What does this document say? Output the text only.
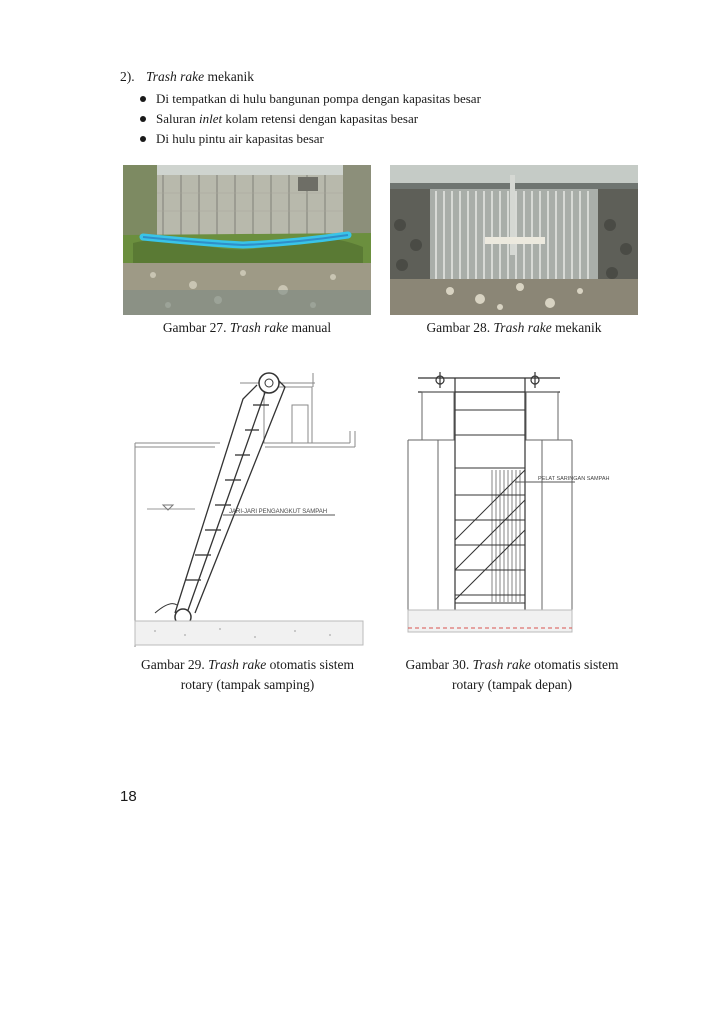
2). Trash rake mekanik
Di tempatkan di hulu bangunan pompa dengan kapasitas besar
Saluran inlet kolam retensi dengan kapasitas besar
Di hulu pintu air kapasitas besar
Gambar 27. Trash rake manual	Gambar 28. Trash rake mekanik
JARI-JARI PENGANGKUT SAMPAH
PELAT SARINGAN SAMPAH
Gambar 29. Trash rake otomatis sistem
rotary (tampak samping)
Gambar 30. Trash rake otomatis sistem
rotary (tampak depan)
18
